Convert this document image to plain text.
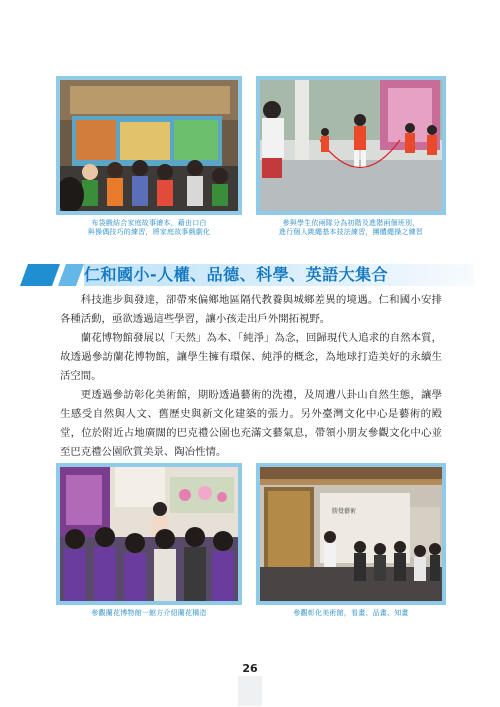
布袋戲結合家庭故事繪本，藉由口白
與操偶技巧的練習，將家庭故事戲劇化
參與學生依兩隊分為初階及進階兩個班別，
進行個人跳繩基本技法練習，團體繩操之練習
仁和國小-人權、品德、科學、英語大集合

科技進步與發達，卻帶來偏鄉地區隔代教養與城鄉差異的境遇。仁和國小安排各種活動，亟欲透過這些學習，讓小孩走出戶外開拓視野。

蘭花博物館發展以「天然」為本、「純淨」為念，回歸現代人追求的自然本質，故透過參訪蘭花博物館，讓學生擁有環保、純淨的概念，為地球打造美好的永續生活空間。

更透過參訪彰化美術館，期盼透過藝術的洗禮，及周遭八卦山自然生態，讓學生感受自然與人文、舊歷史與新文化建築的張力。另外臺灣文化中心是藝術的殿堂，位於附近占地廣闊的巴克禮公園也充滿文藝氣息，帶領小朋友參觀文化中心並至巴克禮公園欣賞美景、陶冶性情。

參觀蘭花博物館一館方介紹蘭花構造
勝覺藝術
參觀彰化美術館，看畫、品畫、知畫
26
